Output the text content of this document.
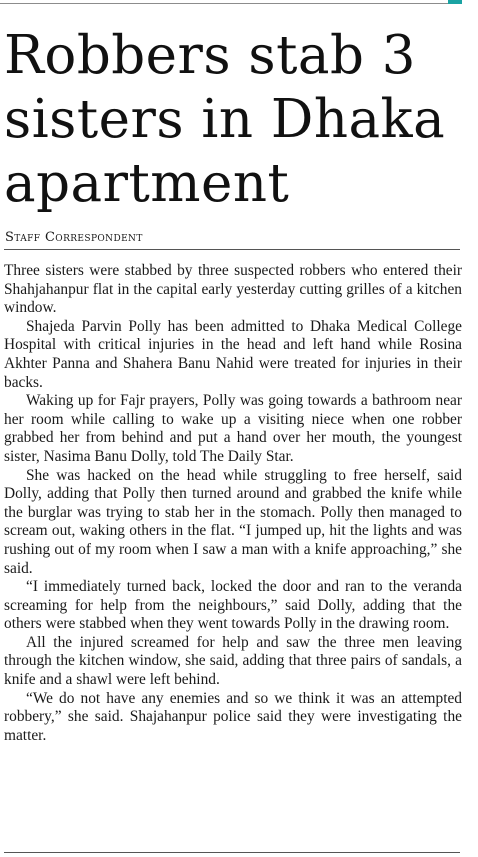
Robbers stab 3 sisters in Dhaka apartment
Staff Correspondent

Three sisters were stabbed by three suspected robbers who entered their Shahjahanpur flat in the capital early yesterday cutting grilles of a kitchen window.

Shajeda Parvin Polly has been admitted to Dhaka Medical College Hospital with critical injuries in the head and left hand while Rosina Akhter Panna and Shahera Banu Nahid were treated for injuries in their backs.

Waking up for Fajr prayers, Polly was going towards a bathroom near her room while calling to wake up a visiting niece when one robber grabbed her from behind and put a hand over her mouth, the youngest sister, Nasima Banu Dolly, told The Daily Star.

She was hacked on the head while struggling to free herself, said Dolly, adding that Polly then turned around and grabbed the knife while the burglar was trying to stab her in the stomach. Polly then managed to scream out, waking others in the flat. “I jumped up, hit the lights and was rushing out of my room when I saw a man with a knife approaching,” she said.

“I immediately turned back, locked the door and ran to the veranda screaming for help from the neighbours,” said Dolly, adding that the others were stabbed when they went towards Polly in the drawing room.

All the injured screamed for help and saw the three men leaving through the kitchen window, she said, adding that three pairs of sandals, a knife and a shawl were left behind.

“We do not have any enemies and so we think it was an attempted robbery,” she said. Shajahanpur police said they were investigating the matter.
